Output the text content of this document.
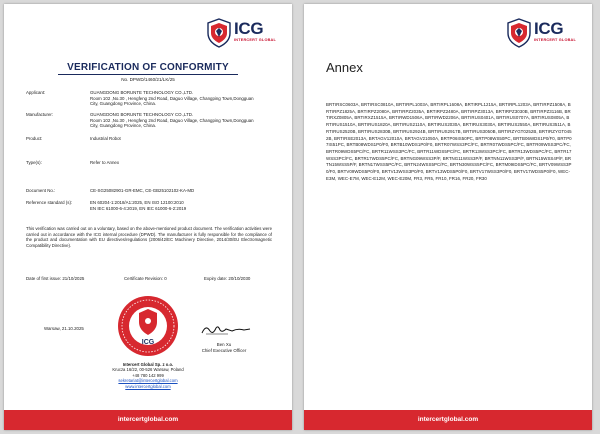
ICG
INTERCERT GLOBAL
VERIFICATION OF CONFORMITY
No. DPWD/1460/21/LK/25
Applicant:	GUANGDONG BORUNTE TECHNOLOGY CO.,LTD.
Room 102 ,No.30 , Hengfeng 2nd Road, Daguo Village, Changping Town,Dongguan
City, Guangdong Province, China.
Manufacturer:	GUANGDONG BORUNTE TECHNOLOGY CO.,LTD.
Room 102 ,No.30 , Hengfeng 2nd Road, Daguo Village, Changping Town,Dongguan
City, Guangdong Province, China.
Product:	Industrial Robot
Type(s):	Refer to Annex
Document No.:	CE-SG25082901-GR-EMC, CE-GB25102102-KA-MD
Reference standard (s):	EN 60204-1:2018/A1:2025, EN ISO 12100:2010
EN IEC 61000-6-4:2019, EN IEC 61000-6-2:2019
This verification was carried out on a voluntary, based on the above-mentioned product document. The verification activities were carried out in accordance with the ICG internal procedure (DPWD). The manufacturer is fully responsible for the compliance of the product and documentation with EU directives/regulations (2006/42/EC Machinery Directive, 2014/30/EU Electromagnetic Compatibility Directive).
Date of first issue: 21/10/2025	Certificate Revision: 0	Expiry date: 20/10/2030
ICG
Warsaw, 21.10.2025
Ben Xu
Chief Executive Officer
Intercert Global Sp. z o.o.
Kruczа 16/22, 00-526 Warsaw, Poland
+48 780 142 999
sekretariat@intercertglobal.com
www.intercertglobal.com
intercertglobal.com
ICG
INTERCERT GLOBAL
Annex
BRTIRSC0603A, BRTIRSC0810A, BRTIRPL1003A, BRTIRPL1608A, BRTIRPL1215A, BRTIRPL1203A, BRTIRPZ1508A, BRTIRPZ1825A, BRTIRPZ2080A, BRTIRPZ2035A, BRTIRPZ2480A, BRTIRPZ3013A, BRTIRPZ3030B, BRTIRPZ3116B, BRTIRXZ0805A, BRTIRXZ1515A, BRTIRWD1506A, BRTIRWD2206A, BRTIRUS0401A, BRTIRUS0707A, BRTIRUS0805A, BRTIRUS1510A, BRTIRUS1820A, BRTIRUS2110A, BRTIRUS2030A, BRTIRUS3030A, BRTIRUS2550A, BRTIRUS3511A, BRTIRUS2520B, BRTIRUS2830B, BRTIRUS2924B, BRTIRUS2917B, BRTIRUS3050B, BRTIRZYGT0252B, BRTIRZYGT0452B, BRTIRSE2013A, BRTAGV12010A, BRTAGV21050A, BRTP06IS50PC, BRTP08WS50PC, BRTB06WDS1P0/F0, BRTP07IS51PC, BRTB08WDS1P0/F0, BRTB10WDS1P0/F0, BRTR07WSS3PC/FC, BRTR07WDS5PC/FC, BRTR09WSS3PC/FC, BRTR09WDS5PC/FC, BRTR11WSS3PC/FC, BRTR11WDS5PC/FC, BRTR13WSS3PC/FC, BRTR13WDS5PC/FC, BRTR17WSS3PC/FC, BRTR17WDS5PC/FC, BRTNG09WSS3P/F, BRTNG11WSS3P/F, BRTNN11WSS3P/F, BRTN15WSS4P/F, BRTN15WSS5P/F, BRTN17WSS5PC/FC, BRTN24WSS5PC/FC, BRTN30WSS5PC/FC, BRTM09IDS5PC/FC, BRTV09WSS3P0/F0, BRTV09WDS5P0/F0, BRTV13WSS3P0/F0, BRTV13WDS5P0/F0, BRTV17WSS3P0/F0, BRTV17WDS5P0/F0, WEC-E3M, WEC-E7M, WEC-E12M, WEC-E20M, FR3, FR5, FR10, FR16, FR20, FR30
intercertglobal.com
